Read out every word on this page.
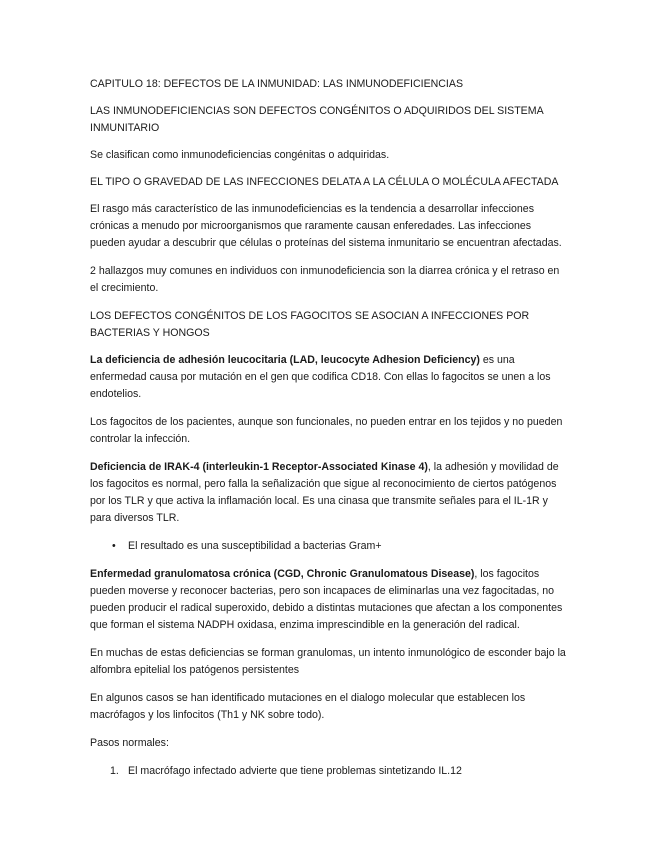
CAPITULO 18: DEFECTOS DE LA INMUNIDAD: LAS INMUNODEFICIENCIAS

LAS INMUNODEFICIENCIAS SON DEFECTOS CONGÉNITOS O ADQUIRIDOS DEL SISTEMA INMUNITARIO

Se clasifican como inmunodeficiencias congénitas o adquiridas.

EL TIPO O GRAVEDAD DE LAS INFECCIONES DELATA A LA CÉLULA O MOLÉCULA AFECTADA

El rasgo más característico de las inmunodeficiencias es la tendencia a desarrollar infecciones crónicas a menudo por microorganismos que raramente causan enferedades. Las infecciones pueden ayudar a descubrir que células o proteínas del sistema inmunitario se encuentran afectadas.

2 hallazgos muy comunes en individuos con inmunodeficiencia son la diarrea crónica y el retraso en el crecimiento.

LOS DEFECTOS CONGÉNITOS DE LOS FAGOCITOS SE ASOCIAN A INFECCIONES POR BACTERIAS Y HONGOS

La deficiencia de adhesión leucocitaria (LAD, leucocyte Adhesion Deficiency) es una enfermedad causa por mutación en el gen que codifica CD18. Con ellas lo fagocitos se unen a los endotelios.

Los fagocitos de los pacientes, aunque son funcionales, no pueden entrar en los tejidos y no pueden controlar la infección.

Deficiencia de IRAK-4 (interleukin-1 Receptor-Associated Kinase 4), la adhesión y movilidad de los fagocitos es normal, pero falla la señalización que sigue al reconocimiento de ciertos patógenos por los TLR y que activa la inflamación local. Es una cinasa que transmite señales para el IL-1R y para diversos TLR.

• El resultado es una susceptibilidad a bacterias Gram+

Enfermedad granulomatosa crónica (CGD, Chronic Granulomatous Disease), los fagocitos pueden moverse y reconocer bacterias, pero son incapaces de eliminarlas una vez fagocitadas, no pueden producir el radical superoxido, debido a distintas mutaciones que afectan a los componentes que forman el sistema NADPH oxidasa, enzima imprescindible en la generación del radical.

En muchas de estas deficiencias se forman granulomas, un intento inmunológico de esconder bajo la alfombra epitelial los patógenos persistentes

En algunos casos se han identificado mutaciones en el dialogo molecular que establecen los macrófagos y los linfocitos (Th1 y NK sobre todo).

Pasos normales:

1. El macrófago infectado advierte que tiene problemas sintetizando IL.12
